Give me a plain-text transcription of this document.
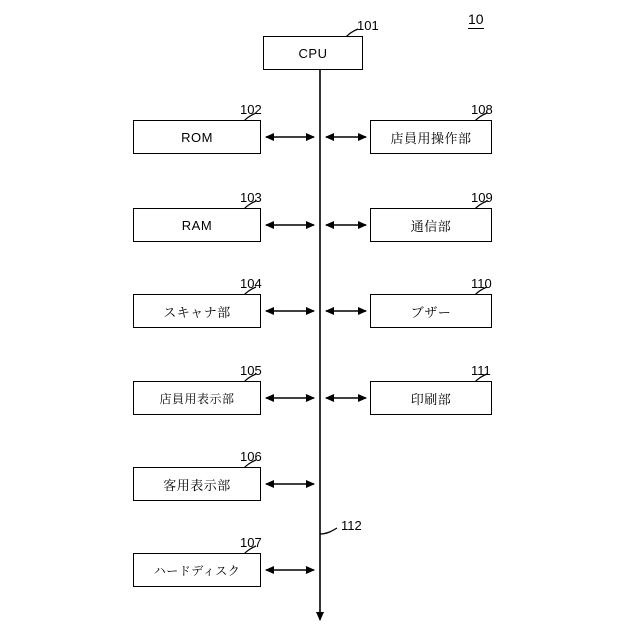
10
CPU
101
ROM
102
店員用操作部
108
RAM
103
通信部
109
スキャナ部
104
ブザー
110
店員用表示部
105
印刷部
111
客用表示部
106
ハードディスク
107
112
